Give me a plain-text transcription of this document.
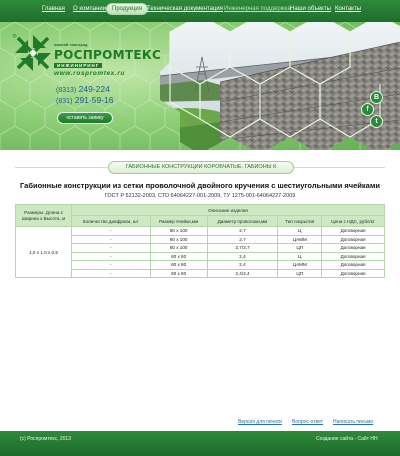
Главная О компании Продукция Техническая документация Инженерная поддержка Наши объекты Контакты
®
нижний новгород
РОСПРОМТЕКС
ИНЖИНИРИНГ
www.rospromtex.ru
(8313) 249-224
(831) 291-59-16
оставить заявку
В
f
t
ГАБИОННЫЕ КОНСТРУКЦИИ КОРОБЧАТЫЕ. ГАБИОНЫ К
Габионные конструкции из сетки проволочной двойного кручения с шестиугольными ячейками
ГОСТ Р 52132-2003, СТО 64064227-001-2009, ТУ 1275-001-64064227-2009
Размеры: Длина х Ширина х Высота, м	Описание изделия				
	Количество диафрагм, шт	Размер ячейки,мм	Диаметр проволоки,мм	Тип покрытия	Цена с НДС, рубл/кт
1,0 х 1,0 х 0,5	-	80 х 100	2,7	Ц	Договорная
	-	80 х 100	2,7	ЦАММ	Договорная
	-	80 х 100	2,7/3,7	ЦП	Договорная
	-	60 х 80	2,4	Ц	Договорная
	-	60 х 80	2,4	ЦАММ	Договорная
	-	60 х 80	2,4/3,4	ЦП	Договорная
Версия для печати Вопрос-ответ Написать письмо
(c) Роспромтекс, 2013	Создание сайта - Сайт НН
